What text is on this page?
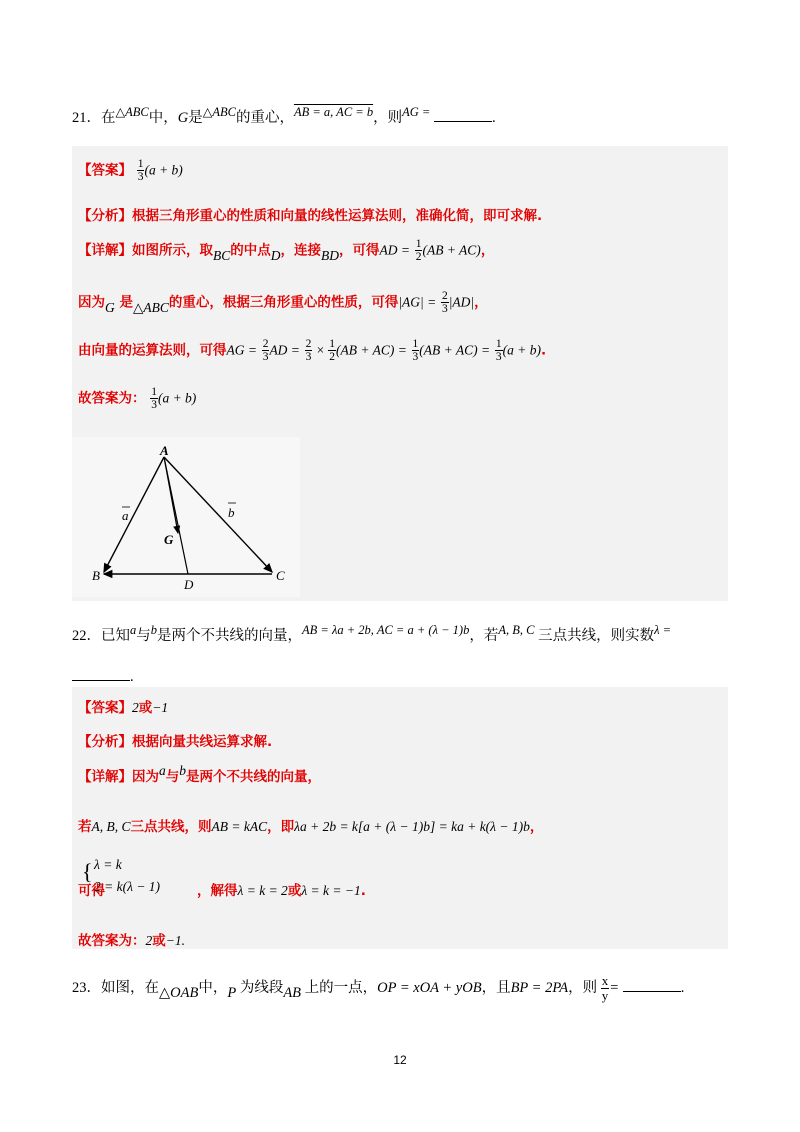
21．在△ABC中，G是△ABC的重心，AB = a, AC = b，则AG =	.
【答案】 $\frac{1}{3} (a + b)$
【分析】根据三角形重心的性质和向量的线性运算法则，准确化简，即可求解.
【详解】如图所示，取BC的中点D，连接BD，可得AD = $\frac{1}{2} (AB + AC)$，
因为G 是△ABC的重心，根据三角形重心的性质，可得$|AG| = \frac{2}{3} |AD|$，
由向量的运算法则，可得AG = $\frac{2}{3}$ AD = $\frac{2}{3} \times \frac{1}{2} (AB + AC) = \frac{1}{3} (AB + AC) = \frac{1}{3} (a + b)$.
故答案为： $\frac{1}{3} (a + b)$
A
B	C
D
G
a	b
22．已知a与b是两个不共线的向量，AB = λa + 2b, AC = a + (λ − 1)b，若A, B, C 三点共线，则实数λ =
.
【答案】2或−1
【分析】根据向量共线运算求解.
【详解】因为a与b是两个不共线的向量，
若A, B, C三点共线，则AB = kAC，即λa + 2b = k[a + (λ − 1)b] = ka + k(λ − 1)b，
{ λ = k
2 = k(λ − 1)
可得	，解得λ = k = 2或λ = k = −1.
故答案为：2或−1.
23．如图，在△OAB中，P 为线段AB 上的一点，OP = xOA + yOB，且BP = 2PA，则 $\frac{x}{y}$ =	.
12
